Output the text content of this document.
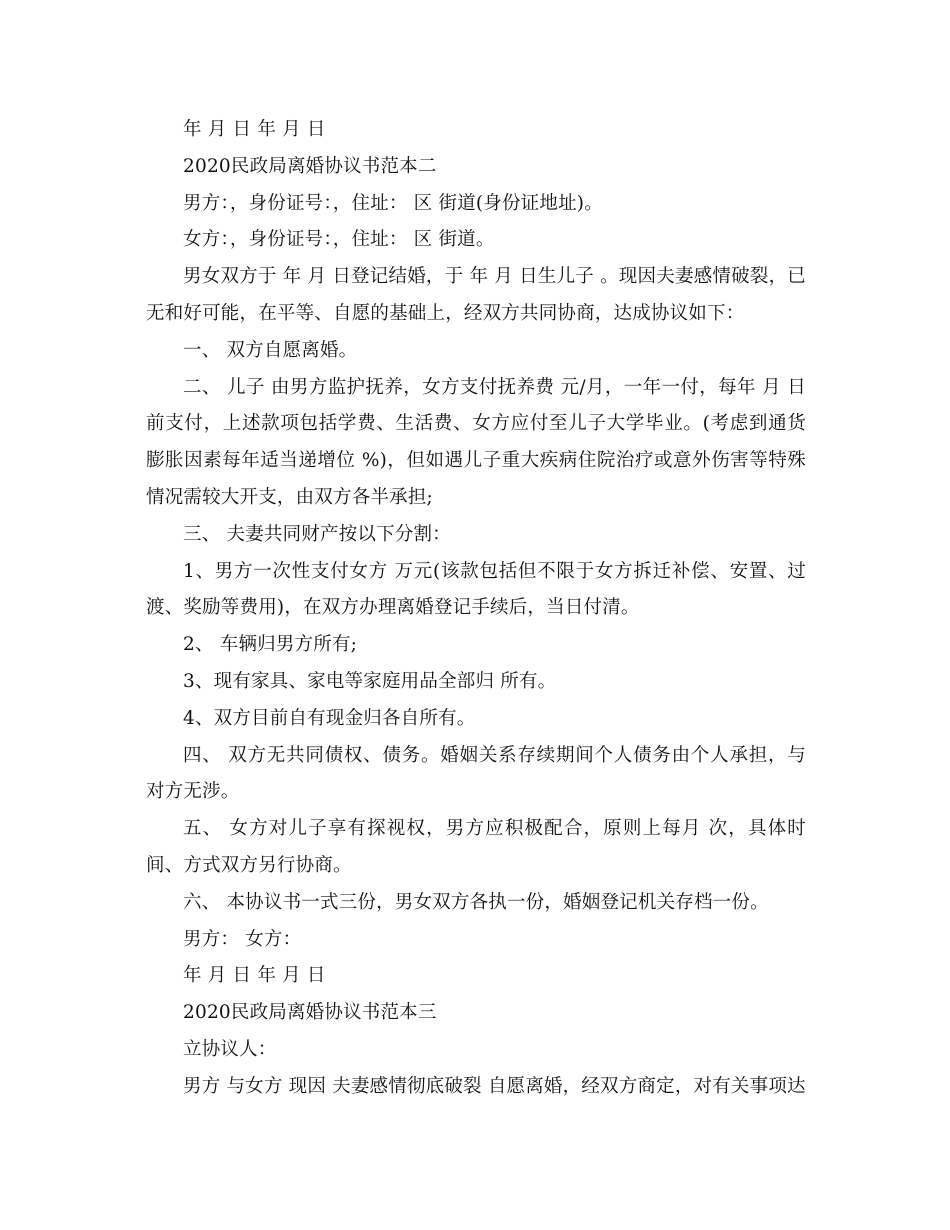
年 月 日 年 月 日
2020民政局离婚协议书范本二
男方：，身份证号：，住址： 区 街道(身份证地址)。
女方：，身份证号：，住址： 区 街道。

男女双方于 年 月 日登记结婚，于 年 月 日生儿子 。现因夫妻感情破裂，已无和好可能，在平等、自愿的基础上，经双方共同协商，达成协议如下：

一、 双方自愿离婚。

二、 儿子 由男方监护抚养，女方支付抚养费 元/月，一年一付，每年 月 日前支付，上述款项包括学费、生活费、女方应付至儿子大学毕业。(考虑到通货膨胀因素每年适当递增位 %)，但如遇儿子重大疾病住院治疗或意外伤害等特殊情况需较大开支，由双方各半承担;

三、 夫妻共同财产按以下分割：

1、男方一次性支付女方 万元(该款包括但不限于女方拆迁补偿、安置、过渡、奖励等费用)，在双方办理离婚登记手续后，当日付清。

2、 车辆归男方所有;
3、现有家具、家电等家庭用品全部归 所有。
4、双方目前自有现金归各自所有。

四、 双方无共同债权、债务。婚姻关系存续期间个人债务由个人承担，与对方无涉。

五、 女方对儿子享有探视权，男方应积极配合，原则上每月 次，具体时间、方式双方另行协商。

六、 本协议书一式三份，男女双方各执一份，婚姻登记机关存档一份。
男方： 女方：
年 月 日 年 月 日
2020民政局离婚协议书范本三
立协议人：
男方 与女方 现因 夫妻感情彻底破裂 自愿离婚，经双方商定，对有关事项达
